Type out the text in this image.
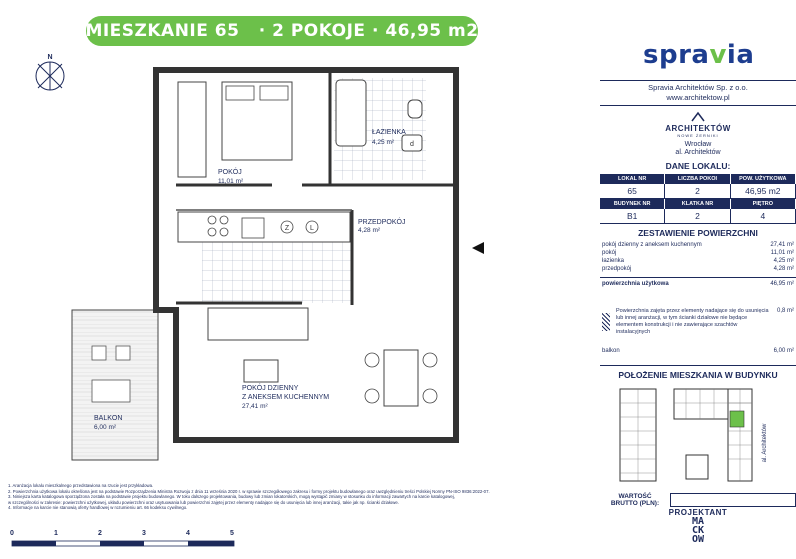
MIESZKANIE 65
· 2 POKOJE ·
46,95 m2
spravia
N
d
Z	L
POKÓJ
11,01 m²
ŁAZIENKA
4,25 m²
PRZEDPOKÓJ
4,28 m²
POKÓJ DZIENNY
Z ANEKSEM KUCHENNYM
27,41 m²
BALKON
6,00 m²
Spravia Architektów Sp. z o.o.
www.architektow.pl
ARCHITEKTÓW
NOWE ŻERNIKI
Wrocław
al. Architektów
DANE LOKALU:
LOKAL NR	LICZBA POKOI	POW. UŻYTKOWA
65	2	46,95 m2
BUDYNEK NR	KLATKA NR	PIĘTRO
B1	2	4
ZESTAWIENIE POWIERZCHNI
pokój dzienny z aneksem kuchennym	27,41 m²
pokój	11,01 m²
łazienka	4,25 m²
przedpokój	4,28 m²
powierzchnia użytkowa	46,95 m²
Powierzchnia zajęta przez elementy nadające się do usunięcia lub innej aranżacji, w tym ścianki działowe nie będące elementem konstrukcji i nie zawierające szachtów instalacyjnych
0,8 m²
balkon	6,00 m²
POŁOŻENIE MIESZKANIA W BUDYNKU
al. Architektów
WARTOŚĆ
BRUTTO (PLN):
PROJEKTANT
MA
CK
OW
1. Aranżacja lokalu mieszkalnego przedstawiona na rzucie jest przykładowa.
2. Powierzchnia użytkowa lokalu określona jest na podstawie Rozporządzenia Ministra Rozwoju z dnia 11 września 2020 r. w sprawie szczegółowego zakresu i formy projektu budowlanego oraz uwzględnieniu treści Polskiej Normy PN-ISO 9836:2022-07.
3. Niniejsza karta katalogowa sporządzona została na podstawie projektu budowlanego. W toku dalszego projektowania, budowy lub zmian lokatorskich, mogą wystąpić zmiany w stosunku do informacji zawartych na karcie katalogowej,
w szczególności w zakresie: powierzchni użytkowej, układu powierzchni oraz usytuowania lub powierzchni zajętej przez elementy nadające się do usunięcia lub innej aranżacji, takie jak np. ścianki działowe.
4. Informacje na karcie nie stanowią oferty handlowej w rozumieniu art. 66 kodeksu cywilnego.
0	1	2	3	4	5
